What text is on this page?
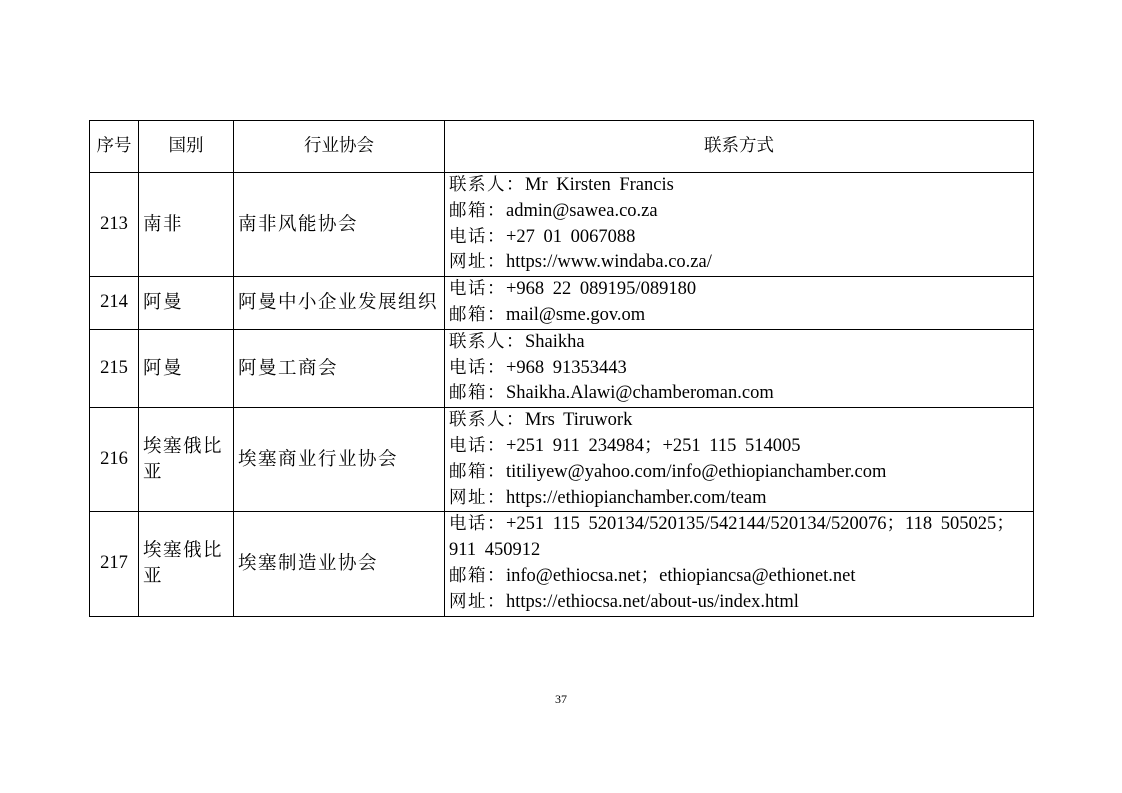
序号	国别	行业协会	联系方式
213	南非	南非风能协会	联系人：Mr Kirsten Francis
邮箱：admin@sawea.co.za
电话：+27 01 0067088
网址：https://www.windaba.co.za/

214	阿曼	阿曼中小企业发展组织	电话：+968 22 089195/089180
邮箱：mail@sme.gov.om

215	阿曼	阿曼工商会	联系人：Shaikha
电话：+968 91353443
邮箱：Shaikha.Alawi@chamberoman.com

216	埃塞俄比亚	埃塞商业行业协会	联系人：Mrs Tiruwork
电话：+251 911 234984；+251 115 514005
邮箱：titiliyew@yahoo.com/info@ethiopianchamber.com
网址：https://ethiopianchamber.com/team

217	埃塞俄比亚	埃塞制造业协会	电话：+251 115 520134/520135/542144/520134/520076；118 505025；911 450912
邮箱：info@ethiocsa.net；ethiopiancsa@ethionet.net
网址：https://ethiocsa.net/about-us/index.html
37
